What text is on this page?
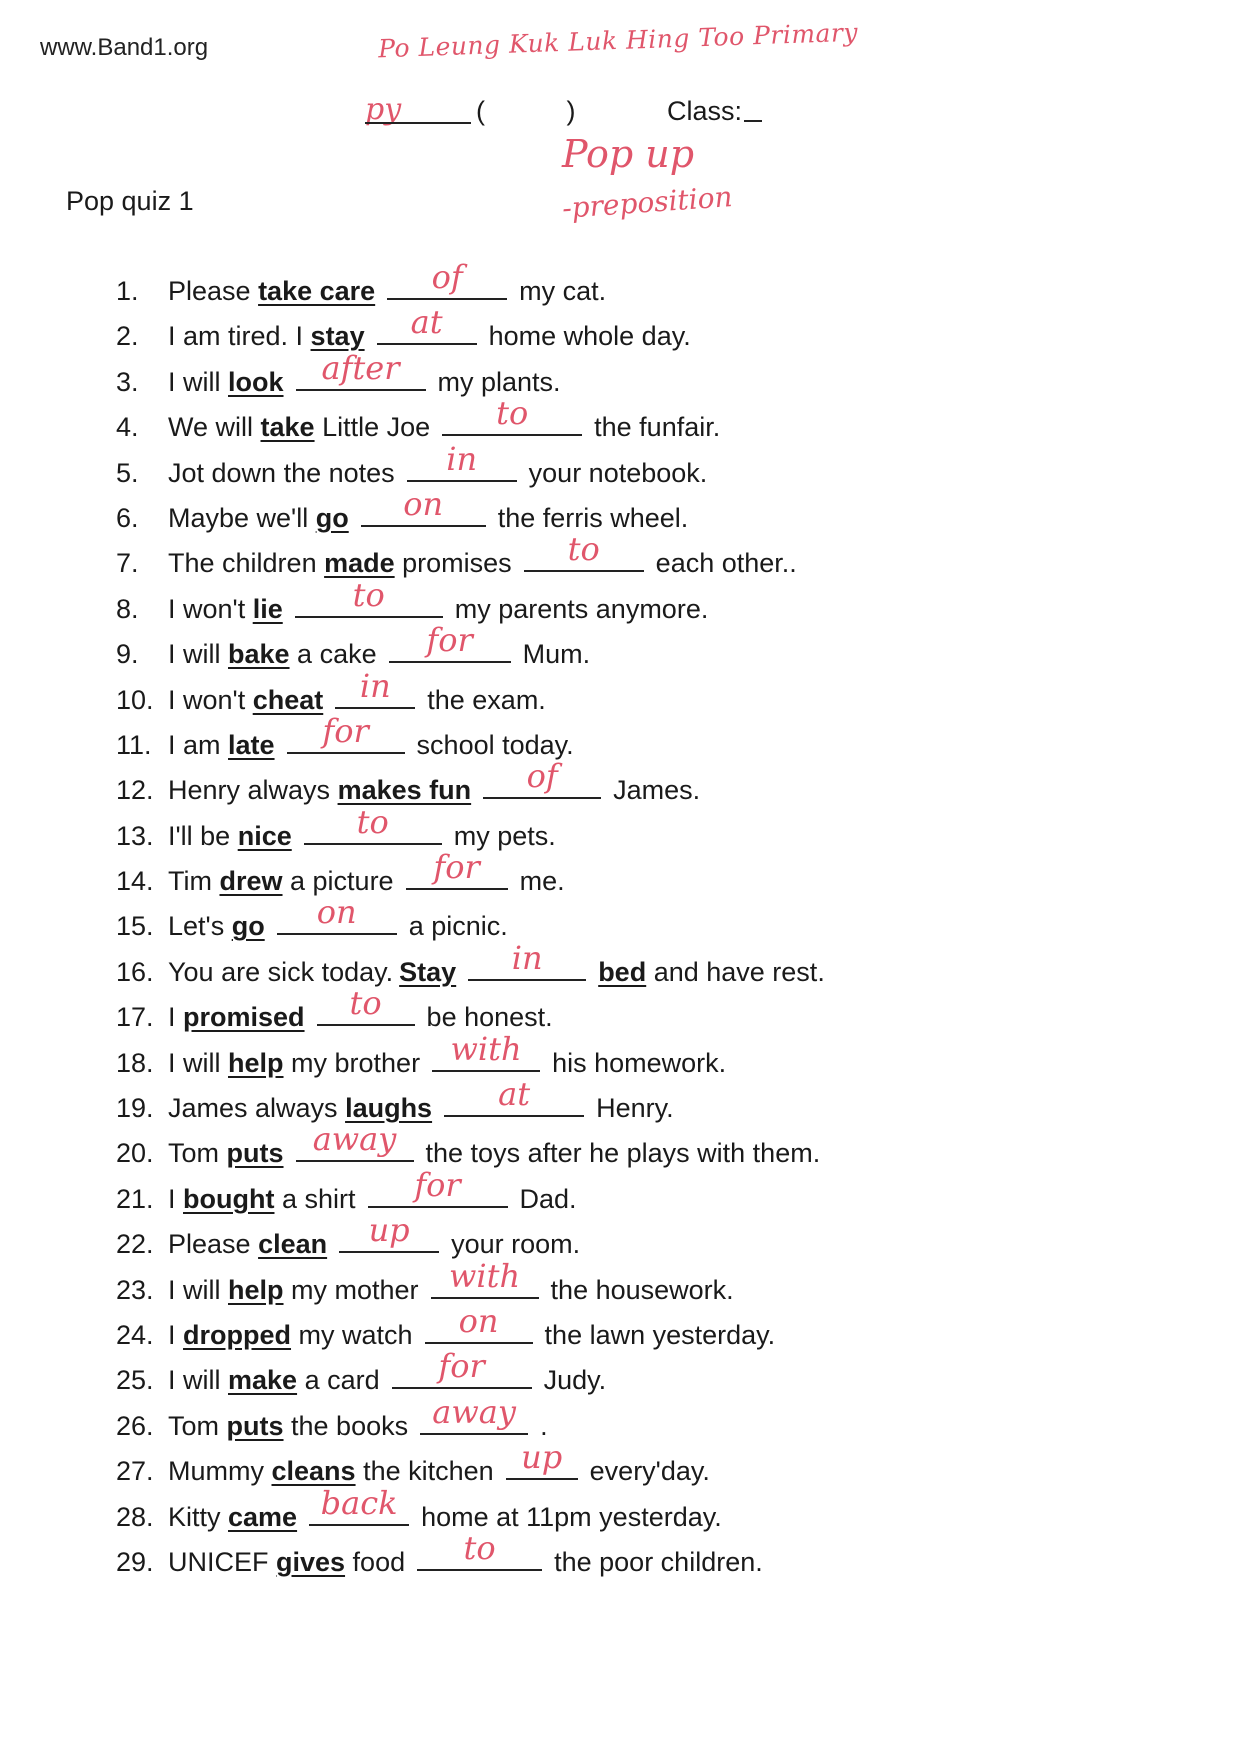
www.Band1.org	Po Leung Kuk Luk Hing Too Primary
py	( )	Class:
Pop up
-preposition
Pop quiz 1
1.	Please take care	of	my cat.
2.	I am tired. I stay	at	home whole day.
3.	I will look	after	my plants.
4.	We will take Little Joe	to	the funfair.
5.	Jot down the notes	in	your notebook.
6.	Maybe we'll go	on	the ferris wheel.
7.	The children made promises	to	each other..
8.	I won't lie	to	my parents anymore.
9.	I will bake a cake	for	Mum.
10. I won't cheat	in	the exam.
11. I am late	for	school today.
12. Henry always makes fun	of	James.
13. I'll be nice	to	my pets.
14. Tim drew a picture	for	me.
15. Let's go	on	a picnic.
16. You are sick today. Stay	in	bed and have rest.
17. I promised	to	be honest.
18. I will help my brother with	his homework.
19. James always laughs	at	Henry.
20. Tom puts away	the toys after he plays with them.
21. I bought a shirt	for	Dad.
22. Please clean	up	your room.
23. I will help my mother with	the housework.
24. I dropped my watch	on	the lawn yesterday.
25. I will make a card	for	Judy.
26. Tom puts the books away .
27. Mummy cleans the kitchen up	every'day.
28. Kitty came back home at 11pm yesterday.
29. UNICEF gives food	to	the poor children.
